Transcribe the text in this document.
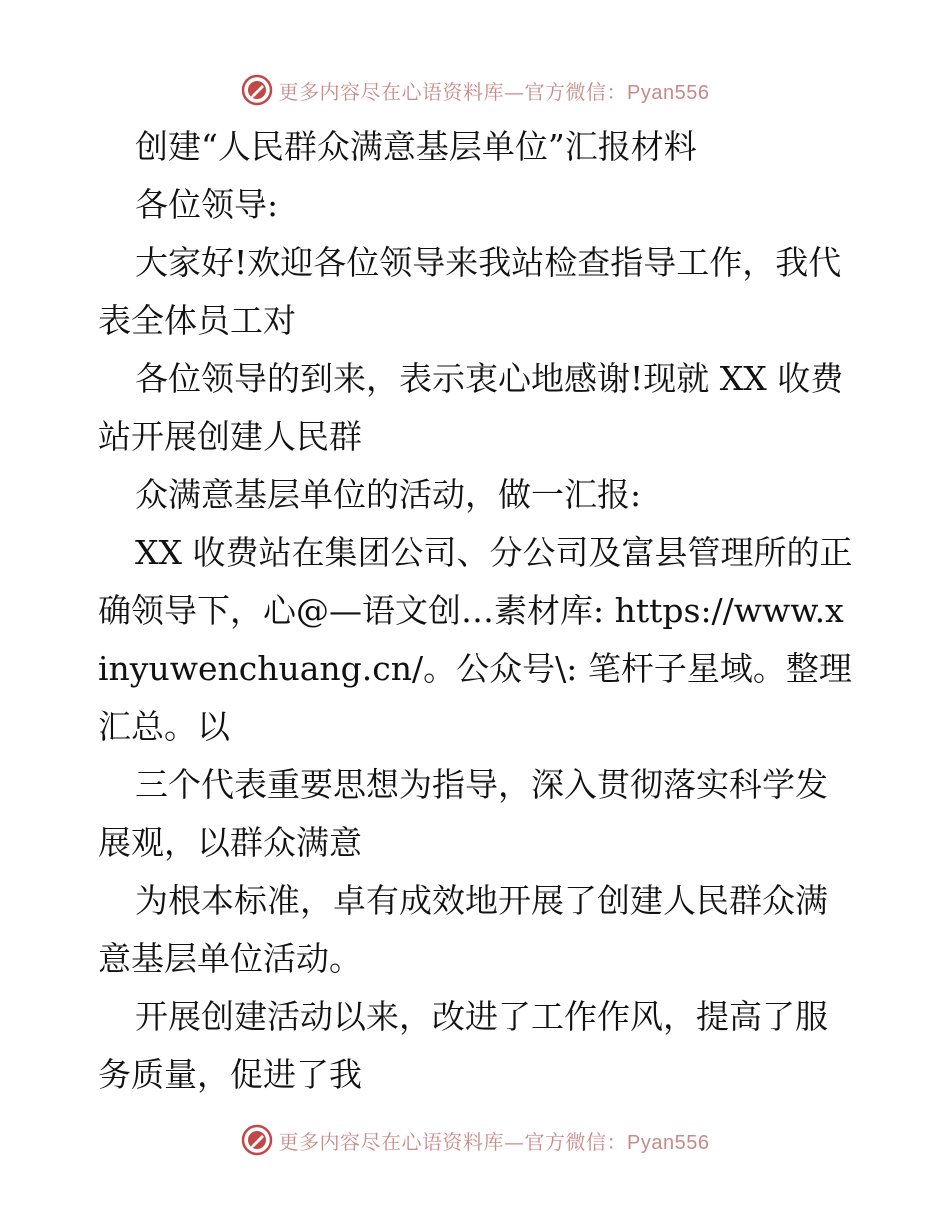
更多内容尽在心语资料库—官方微信：Pyan556

创建“人民群众满意基层单位”汇报材料

各位领导:

大家好!欢迎各位领导来我站检查指导工作，我代表全体员工对

各位领导的到来，表示衷心地感谢!现就 XX 收费站开展创建人民群

众满意基层单位的活动，做一汇报:

XX 收费站在集团公司、分公司及富县管理所的正确领导下，心@—语文创…素材库: https://www.xinyuwenchuang.cn/。公众号\: 笔杆子星域。整理汇总。以

三个代表重要思想为指导，深入贯彻落实科学发展观，以群众满意

为根本标准，卓有成效地开展了创建人民群众满意基层单位活动。

开展创建活动以来，改进了工作作风，提高了服务质量，促进了我

更多内容尽在心语资料库—官方微信：Pyan556
